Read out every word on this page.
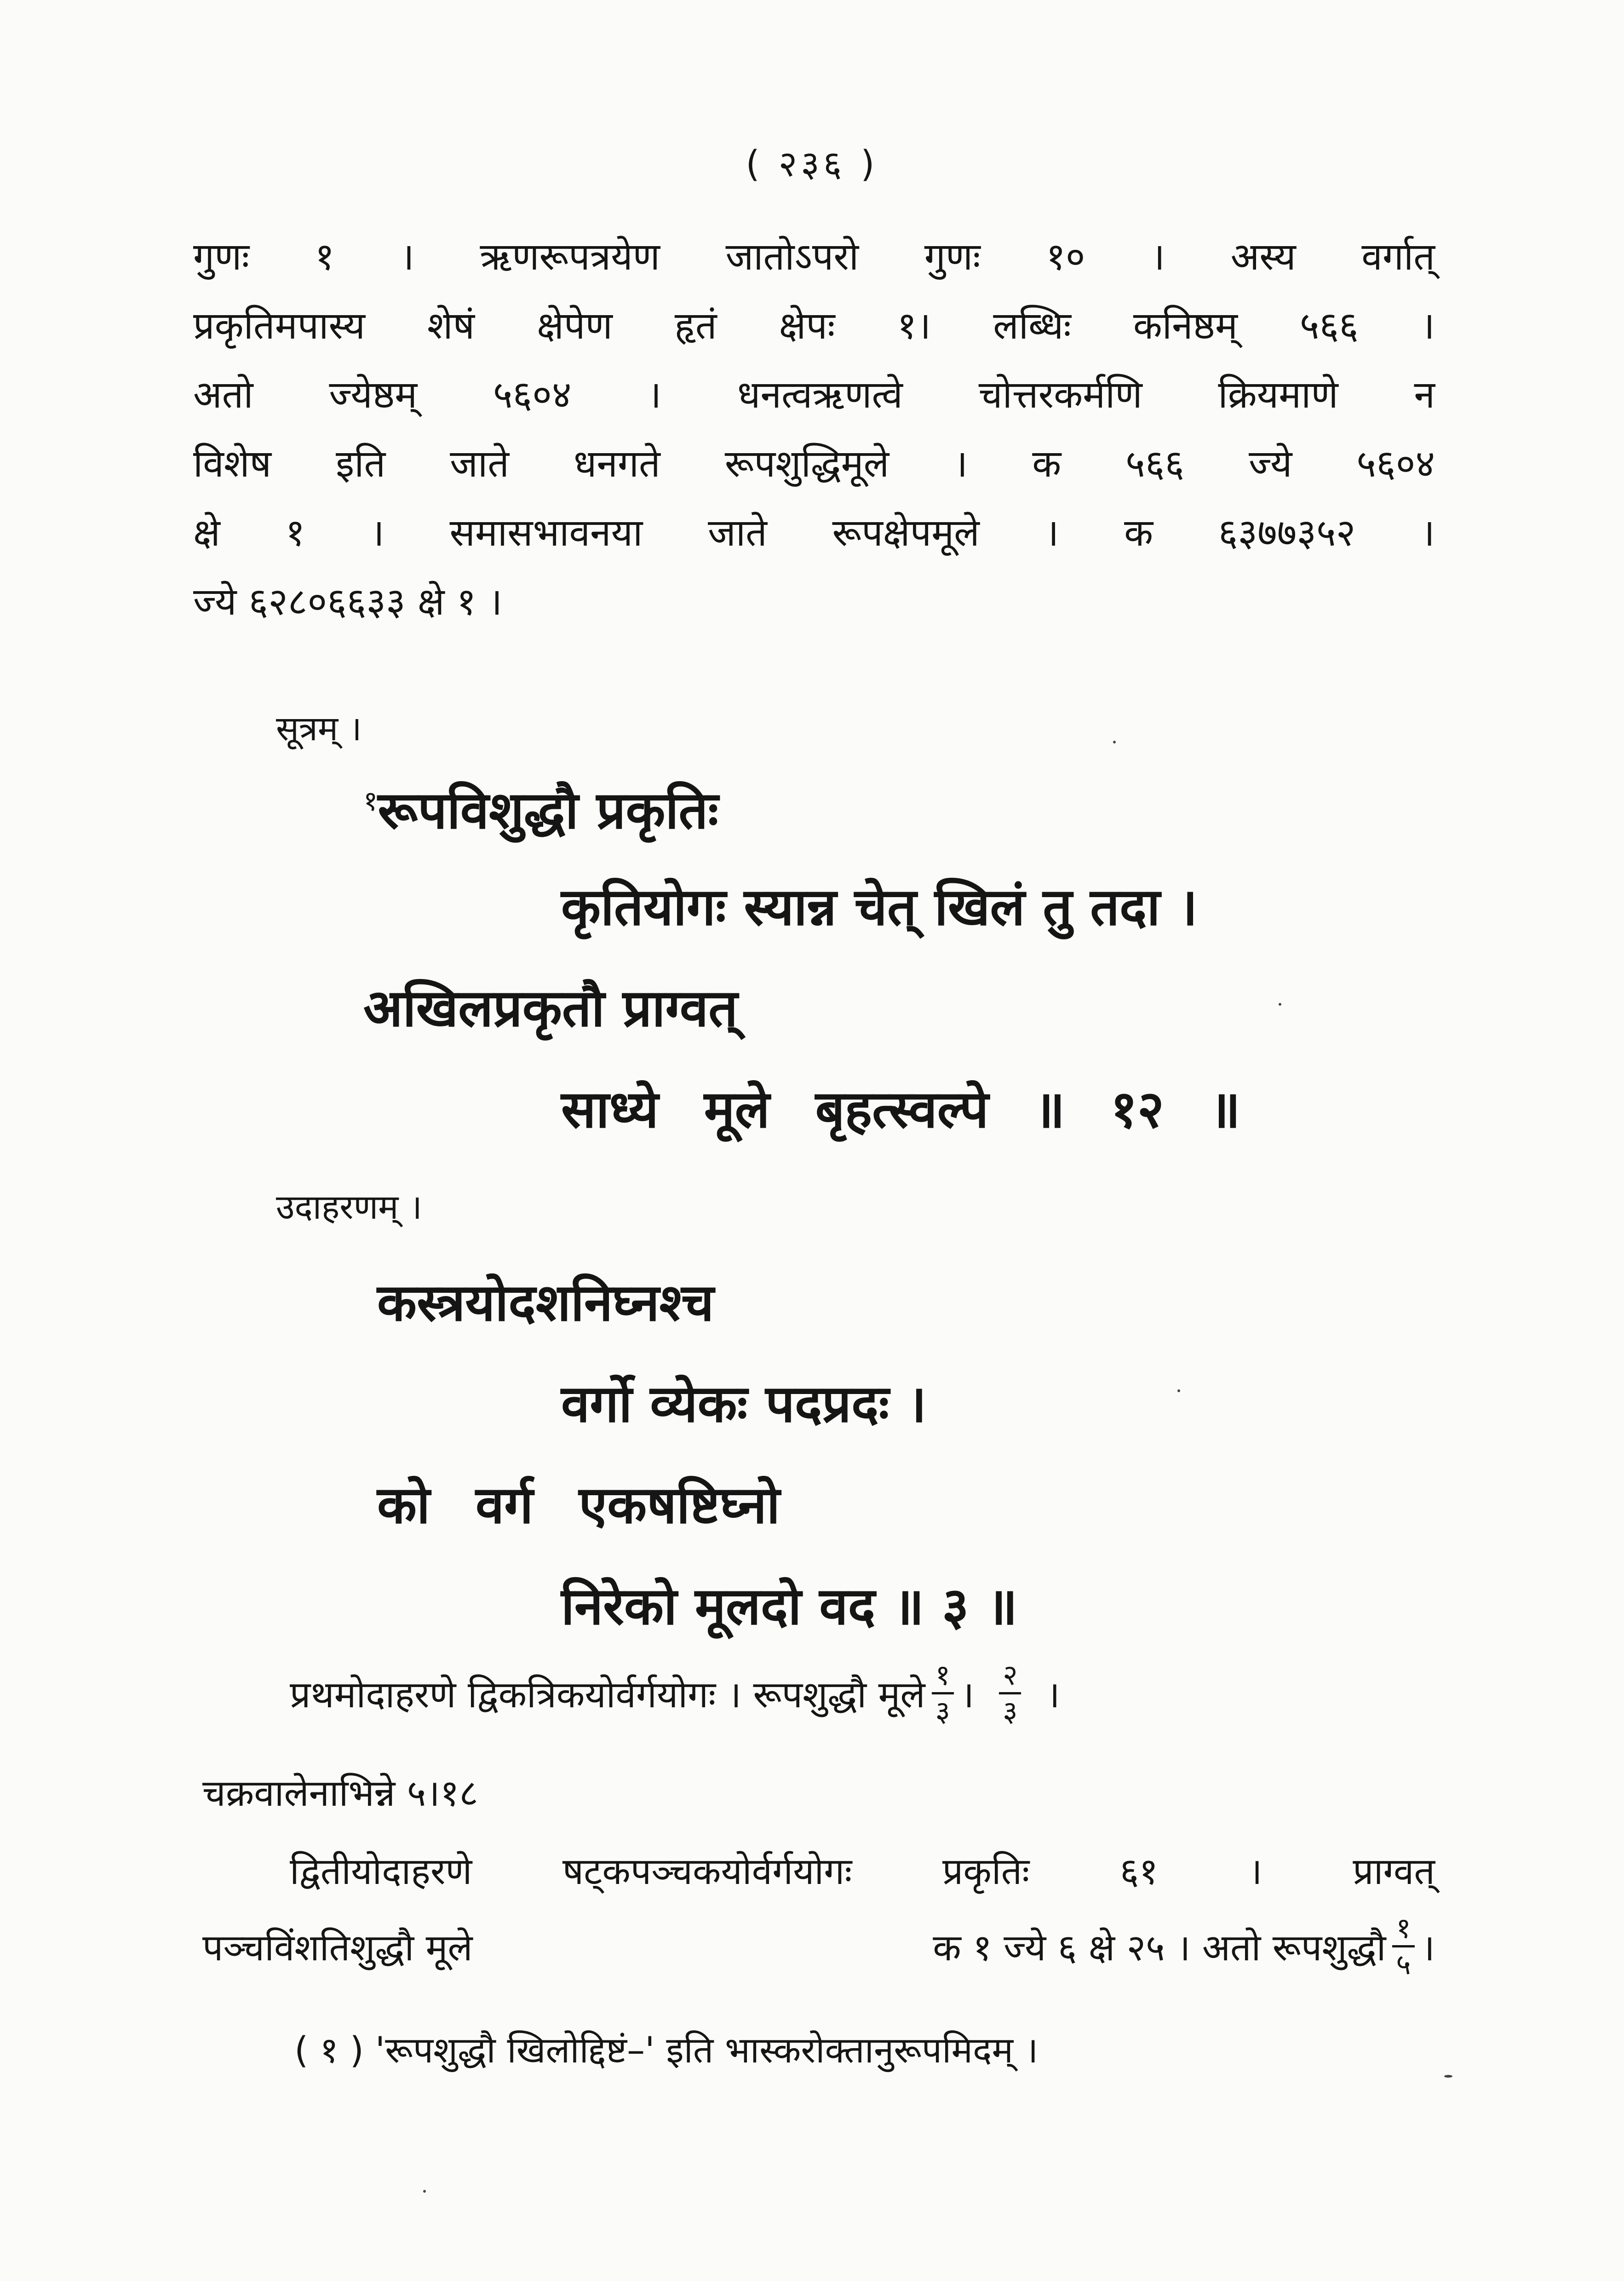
( २३६ )
गुणः १ । ऋणरूपत्रयेण जातोऽपरो गुणः १० । अस्य वर्गात्
प्रकृतिमपास्य शेषं क्षेपेण हृतं क्षेपः १। लब्धिः कनिष्ठम् ५६६ ।
अतो ज्येष्ठम् ५६०४ । धनत्वऋणत्वे चोत्तरकर्मणि क्रियमाणे न
विशेष इति जाते धनगते रूपशुद्धिमूले । क ५६६ ज्ये ५६०४
क्षे १ । समासभावनया जाते रूपक्षेपमूले । क ६३७७३५२ ।
ज्ये ६२८०६६३३ क्षे १ ।
सूत्रम् ।
$^१$रूपविशुद्धौ प्रकृतिः
कृतियोगः स्यान्न चेत् खिलं तु तदा ।
अखिलप्रकृतौ प्राग्वत्
साध्ये मूले बृहत्स्वल्पे ॥ १२ ॥
उदाहरणम् ।
कस्त्रयोदशनिघ्नश्च
वर्गो व्येकः पदप्रदः ।
को वर्ग एकषष्टिघ्नो
निरेको मूलदो वद ॥ ३ ॥
प्रथमोदाहरणे द्विकत्रिकयोर्वर्गयोगः । रूपशुद्धौ मूले $\frac{१}{३}$ । $\frac{२}{३}$ ।
चक्रवालेनाभिन्ने ५।१८
द्वितीयोदाहरणे षट्कपञ्चकयोर्वर्गयोगः प्रकृतिः ६१ । प्राग्वत्
पञ्चविंशतिशुद्धौ मूले	क १ ज्ये ६ क्षे २५ । अतो रूपशुद्धौ $\frac{१}{५}$ ।
( १ ) 'रूपशुद्धौ खिलोद्दिष्टं–' इति भास्करोक्तानुरूपमिदम् ।
